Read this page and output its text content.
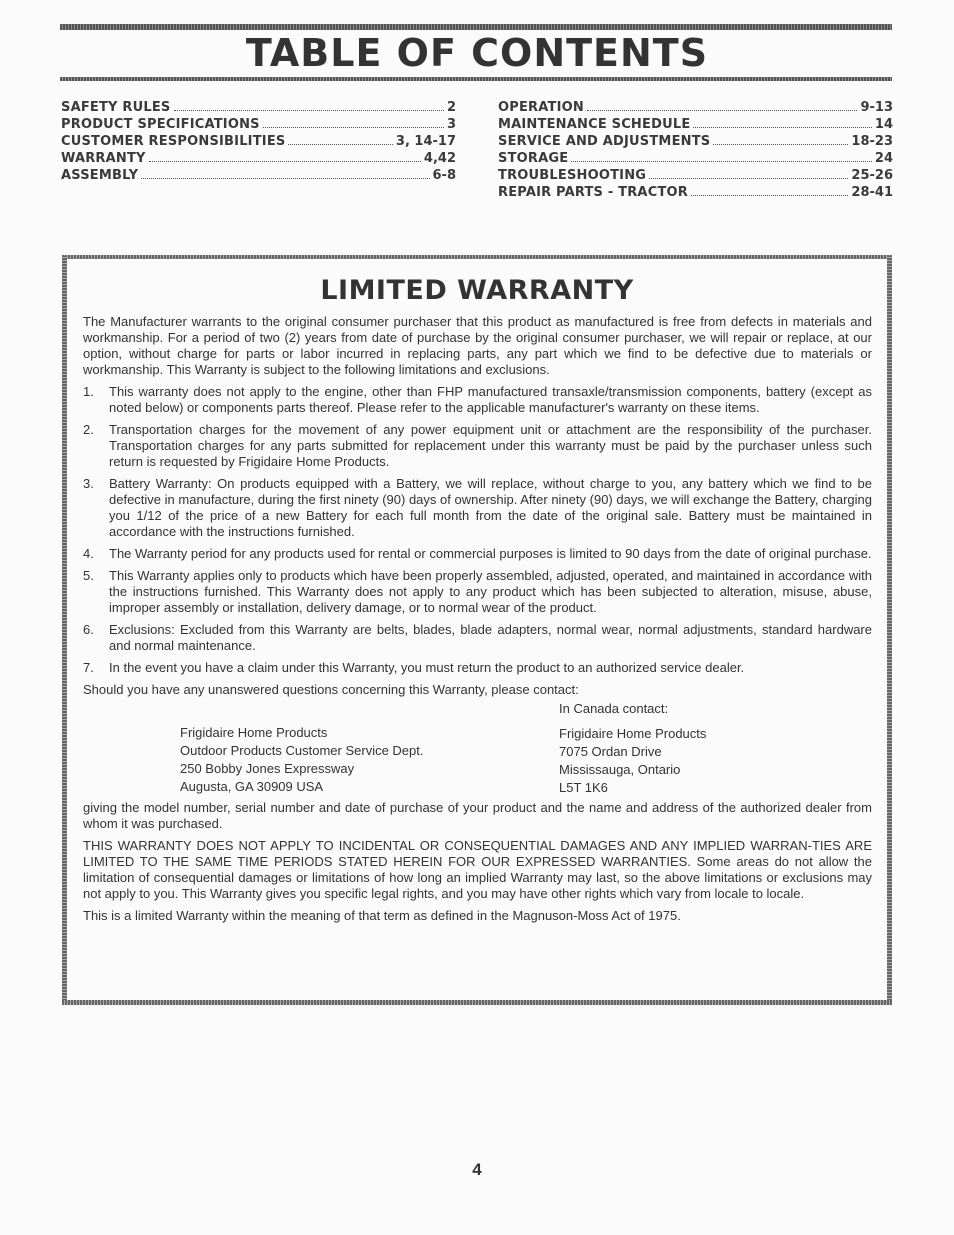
TABLE OF CONTENTS
SAFETY RULES	2
PRODUCT SPECIFICATIONS	3
CUSTOMER RESPONSIBILITIES	3, 14-17
WARRANTY	4,42
ASSEMBLY	6-8
OPERATION	9-13
MAINTENANCE SCHEDULE	14
SERVICE AND ADJUSTMENTS	18-23
STORAGE	24
TROUBLESHOOTING	25-26
REPAIR PARTS - TRACTOR	28-41
LIMITED WARRANTY

The Manufacturer warrants to the original consumer purchaser that this product as manufactured is free from defects in materials and workmanship. For a period of two (2) years from date of purchase by the original consumer purchaser, we will repair or replace, at our option, without charge for parts or labor incurred in replacing parts, any part which we find to be defective due to materials or workmanship. This Warranty is subject to the following limitations and exclusions.

1.	This warranty does not apply to the engine, other than FHP manufactured transaxle/transmission components, battery (except as noted below) or components parts thereof. Please refer to the applicable manufacturer's warranty on these items.
2.	Transportation charges for the movement of any power equipment unit or attachment are the responsibility of the purchaser. Transportation charges for any parts submitted for replacement under this warranty must be paid by the purchaser unless such return is requested by Frigidaire Home Products.
3.	Battery Warranty: On products equipped with a Battery, we will replace, without charge to you, any battery which we find to be defective in manufacture, during the first ninety (90) days of ownership. After ninety (90) days, we will exchange the Battery, charging you 1/12 of the price of a new Battery for each full month from the date of the original sale. Battery must be maintained in accordance with the instructions furnished.
4.	The Warranty period for any products used for rental or commercial purposes is limited to 90 days from the date of original purchase.
5.	This Warranty applies only to products which have been properly assembled, adjusted, operated, and maintained in accordance with the instructions furnished. This Warranty does not apply to any product which has been subjected to alteration, misuse, abuse, improper assembly or installation, delivery damage, or to normal wear of the product.
6.	Exclusions: Excluded from this Warranty are belts, blades, blade adapters, normal wear, normal adjustments, standard hardware and normal maintenance.
7.	In the event you have a claim under this Warranty, you must return the product to an authorized service dealer.

Should you have any unanswered questions concerning this Warranty, please contact:

Frigidaire Home Products
Outdoor Products Customer Service Dept.
250 Bobby Jones Expressway
Augusta, GA 30909 USA
In Canada contact:
Frigidaire Home Products
7075 Ordan Drive
Mississauga, Ontario
L5T 1K6

giving the model number, serial number and date of purchase of your product and the name and address of the authorized dealer from whom it was purchased.

THIS WARRANTY DOES NOT APPLY TO INCIDENTAL OR CONSEQUENTIAL DAMAGES AND ANY IMPLIED WARRAN-TIES ARE LIMITED TO THE SAME TIME PERIODS STATED HEREIN FOR OUR EXPRESSED WARRANTIES. Some areas do not allow the limitation of consequential damages or limitations of how long an implied Warranty may last, so the above limitations or exclusions may not apply to you. This Warranty gives you specific legal rights, and you may have other rights which vary from locale to locale.

This is a limited Warranty within the meaning of that term as defined in the Magnuson-Moss Act of 1975.

4
